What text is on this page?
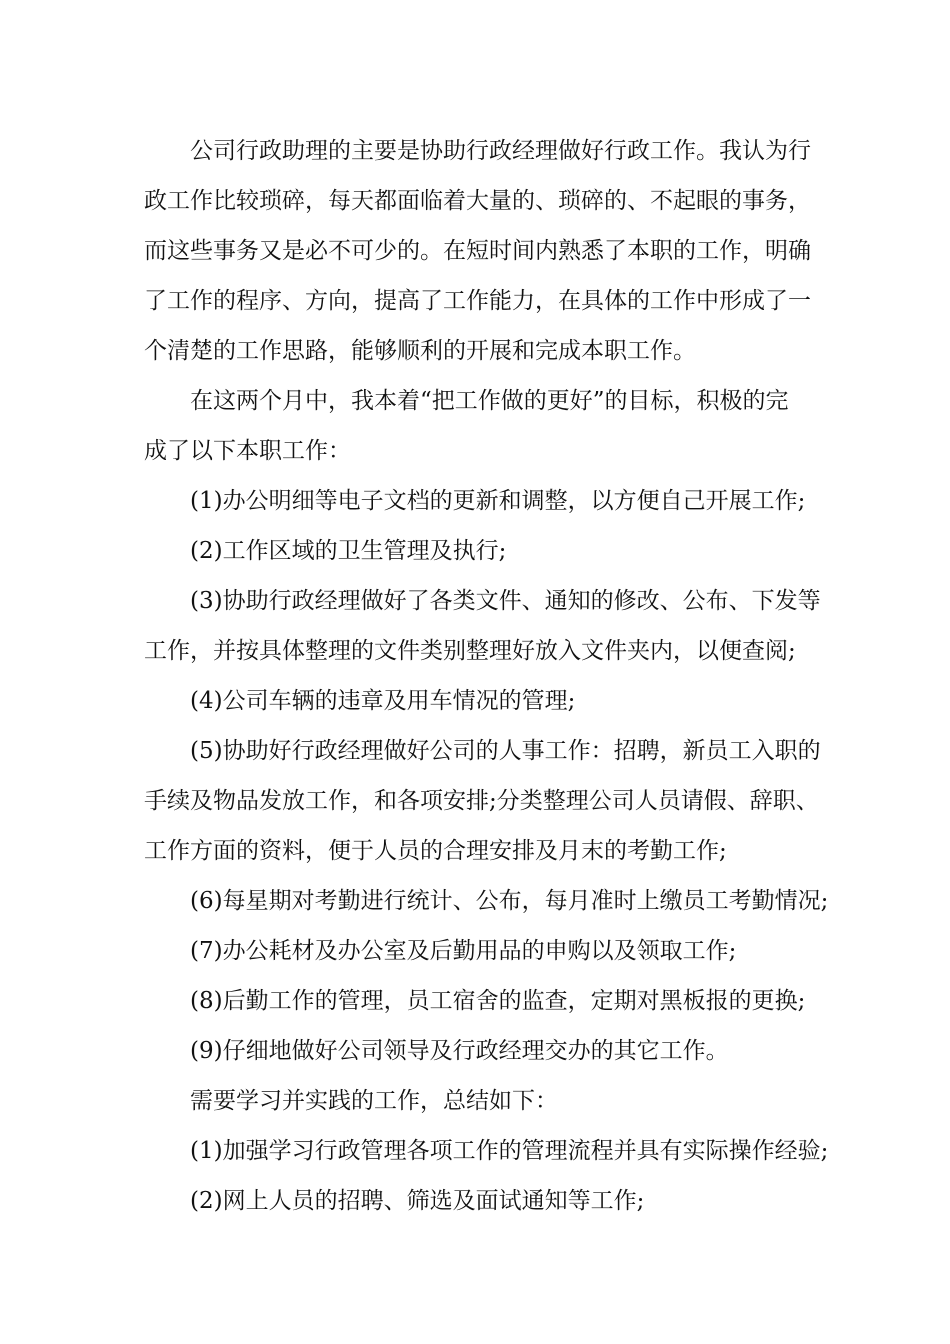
公司行政助理的主要是协助行政经理做好行政工作。我认为行
政工作比较琐碎，每天都面临着大量的、琐碎的、不起眼的事务，
而这些事务又是必不可少的。在短时间内熟悉了本职的工作，明确
了工作的程序、方向，提高了工作能力，在具体的工作中形成了一
个清楚的工作思路，能够顺利的开展和完成本职工作。
在这两个月中，我本着“把工作做的更好”的目标，积极的完
成了以下本职工作：
(1)办公明细等电子文档的更新和调整，以方便自己开展工作;
(2)工作区域的卫生管理及执行;
(3)协助行政经理做好了各类文件、通知的修改、公布、下发等
工作，并按具体整理的文件类别整理好放入文件夹内，以便查阅;
(4)公司车辆的违章及用车情况的管理;
(5)协助好行政经理做好公司的人事工作：招聘，新员工入职的
手续及物品发放工作，和各项安排;分类整理公司人员请假、辞职、
工作方面的资料，便于人员的合理安排及月末的考勤工作;
(6)每星期对考勤进行统计、公布，每月准时上缴员工考勤情况;
(7)办公耗材及办公室及后勤用品的申购以及领取工作;
(8)后勤工作的管理，员工宿舍的监查，定期对黑板报的更换;
(9)仔细地做好公司领导及行政经理交办的其它工作。
需要学习并实践的工作，总结如下：
(1)加强学习行政管理各项工作的管理流程并具有实际操作经验;
(2)网上人员的招聘、筛选及面试通知等工作;
